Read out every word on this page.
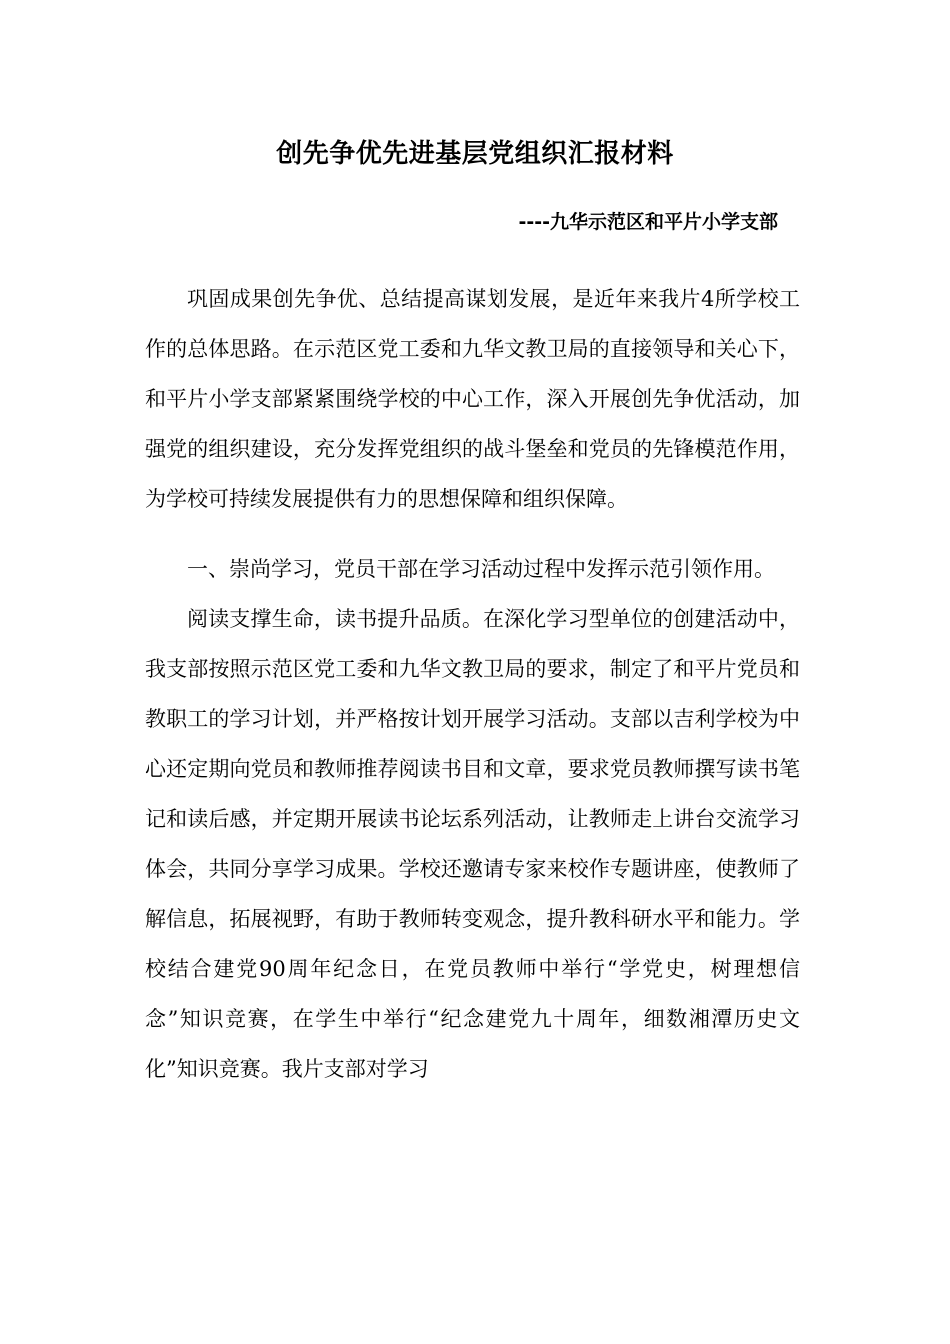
创先争优先进基层党组织汇报材料

----九华示范区和平片小学支部

巩固成果创先争优、总结提高谋划发展，是近年来我片4所学校工作的总体思路。在示范区党工委和九华文教卫局的直接领导和关心下，和平片小学支部紧紧围绕学校的中心工作，深入开展创先争优活动，加强党的组织建设，充分发挥党组织的战斗堡垒和党员的先锋模范作用，为学校可持续发展提供有力的思想保障和组织保障。

一、崇尚学习，党员干部在学习活动过程中发挥示范引领作用。

阅读支撑生命，读书提升品质。在深化学习型单位的创建活动中，我支部按照示范区党工委和九华文教卫局的要求，制定了和平片党员和教职工的学习计划，并严格按计划开展学习活动。支部以吉利学校为中心还定期向党员和教师推荐阅读书目和文章，要求党员教师撰写读书笔记和读后感，并定期开展读书论坛系列活动，让教师走上讲台交流学习体会，共同分享学习成果。学校还邀请专家来校作专题讲座，使教师了解信息，拓展视野，有助于教师转变观念，提升教科研水平和能力。学校结合建党90周年纪念日，在党员教师中举行“学党史，树理想信念”知识竞赛，在学生中举行“纪念建党九十周年，细数湘潭历史文化”知识竞赛。我片支部对学习
